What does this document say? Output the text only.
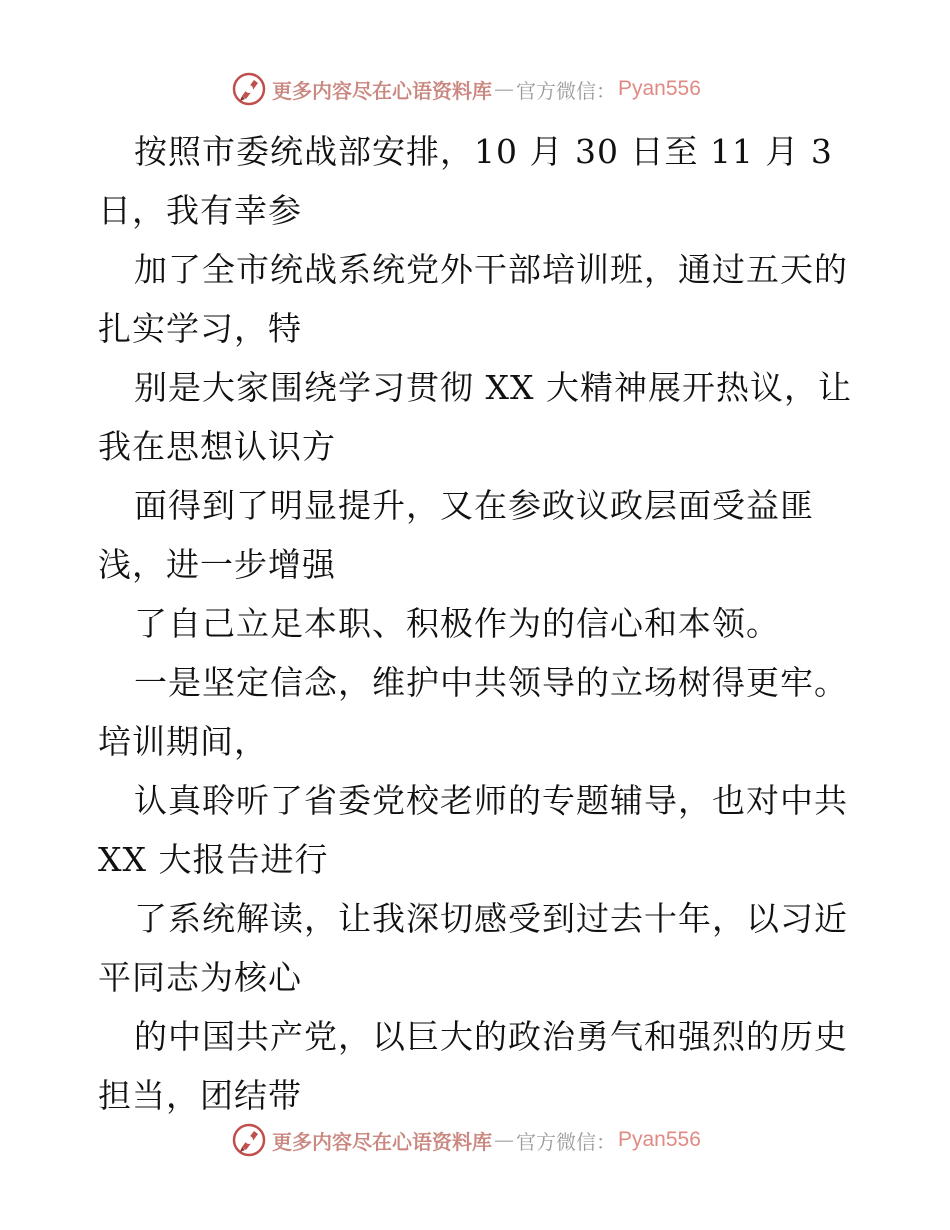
更多内容尽在心语资料库 — 官方微信： Pyan556
按照市委统战部安排，10 月 30 日至 11 月 3
日，我有幸参
加了全市统战系统党外干部培训班，通过五天的
扎实学习，特
别是大家围绕学习贯彻 XX 大精神展开热议，让
我在思想认识方
面得到了明显提升，又在参政议政层面受益匪
浅，进一步增强
了自己立足本职、积极作为的信心和本领。
一是坚定信念，维护中共领导的立场树得更牢。
培训期间，
认真聆听了省委党校老师的专题辅导，也对中共
XX 大报告进行
了系统解读，让我深切感受到过去十年，以习近
平同志为核心
的中国共产党，以巨大的政治勇气和强烈的历史
担当，团结带
更多内容尽在心语资料库 — 官方微信： Pyan556
